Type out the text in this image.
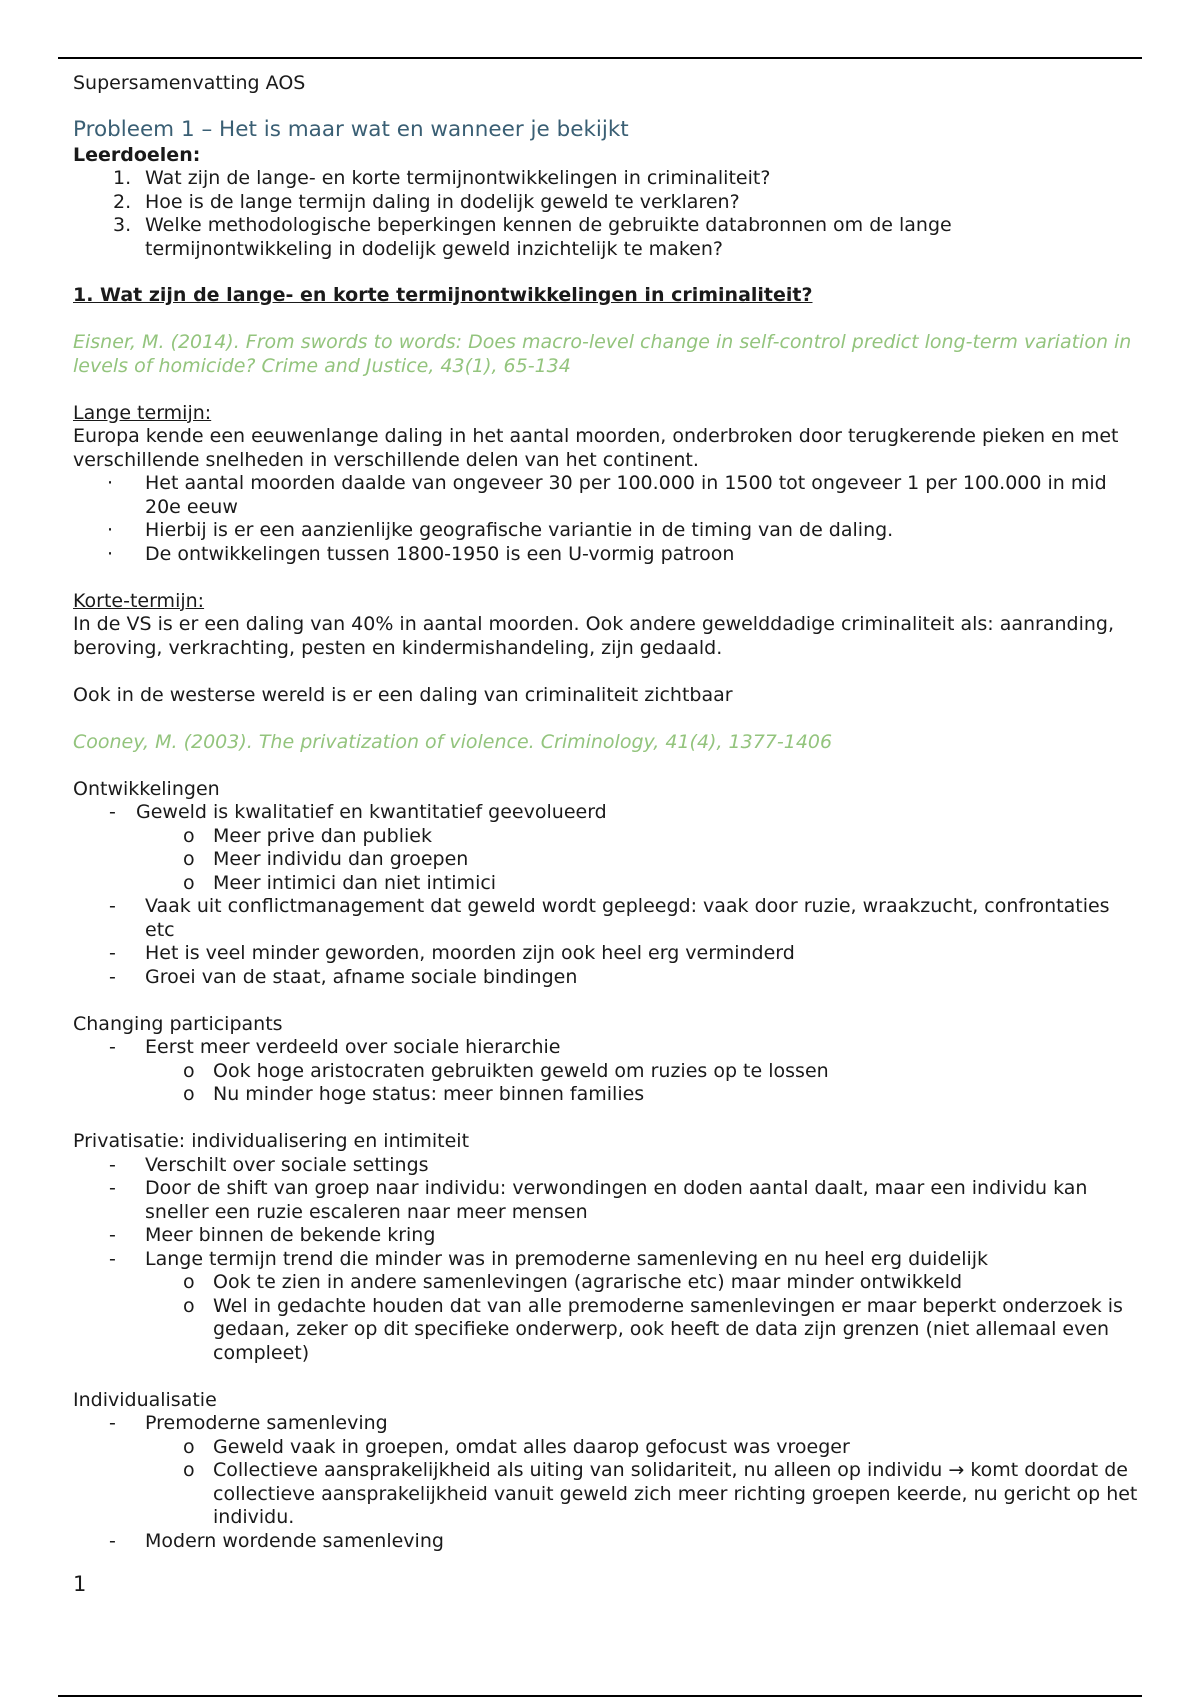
Supersamenvatting AOS
Probleem 1 – Het is maar wat en wanneer je bekijkt
Leerdoelen:
1. Wat zijn de lange- en korte termijnontwikkelingen in criminaliteit?
2. Hoe is de lange termijn daling in dodelijk geweld te verklaren?
3. Welke methodologische beperkingen kennen de gebruikte databronnen om de lange termijnontwikkeling in dodelijk geweld inzichtelijk te maken?
1. Wat zijn de lange- en korte termijnontwikkelingen in criminaliteit?
Eisner, M. (2014). From swords to words: Does macro-level change in self-control predict long-term variation in levels of homicide? Crime and Justice, 43(1), 65-134
Lange termijn:
Europa kende een eeuwenlange daling in het aantal moorden, onderbroken door terugkerende pieken en met verschillende snelheden in verschillende delen van het continent.
· Het aantal moorden daalde van ongeveer 30 per 100.000 in 1500 tot ongeveer 1 per 100.000 in mid 20e eeuw
· Hierbij is er een aanzienlijke geografische variantie in de timing van de daling.
· De ontwikkelingen tussen 1800-1950 is een U-vormig patroon
Korte-termijn:
In de VS is er een daling van 40% in aantal moorden. Ook andere gewelddadige criminaliteit als: aanranding, beroving, verkrachting, pesten en kindermishandeling, zijn gedaald.
Ook in de westerse wereld is er een daling van criminaliteit zichtbaar
Cooney, M. (2003). The privatization of violence. Criminology, 41(4), 1377-1406
Ontwikkelingen
- Geweld is kwalitatief en kwantitatief geevolueerd
o Meer prive dan publiek
o Meer individu dan groepen
o Meer intimici dan niet intimici
- Vaak uit conflictmanagement dat geweld wordt gepleegd: vaak door ruzie, wraakzucht, confrontaties etc
- Het is veel minder geworden, moorden zijn ook heel erg verminderd
- Groei van de staat, afname sociale bindingen
Changing participants
- Eerst meer verdeeld over sociale hierarchie
o Ook hoge aristocraten gebruikten geweld om ruzies op te lossen
o Nu minder hoge status: meer binnen families
Privatisatie: individualisering en intimiteit
- Verschilt over sociale settings
- Door de shift van groep naar individu: verwondingen en doden aantal daalt, maar een individu kan sneller een ruzie escaleren naar meer mensen
- Meer binnen de bekende kring
- Lange termijn trend die minder was in premoderne samenleving en nu heel erg duidelijk
o Ook te zien in andere samenlevingen (agrarische etc) maar minder ontwikkeld
o Wel in gedachte houden dat van alle premoderne samenlevingen er maar beperkt onderzoek is gedaan, zeker op dit specifieke onderwerp, ook heeft de data zijn grenzen (niet allemaal even compleet)
Individualisatie
- Premoderne samenleving
o Geweld vaak in groepen, omdat alles daarop gefocust was vroeger
o Collectieve aansprakelijkheid als uiting van solidariteit, nu alleen op individu → komt doordat de collectieve aansprakelijkheid vanuit geweld zich meer richting groepen keerde, nu gericht op het individu.
- Modern wordende samenleving
1
